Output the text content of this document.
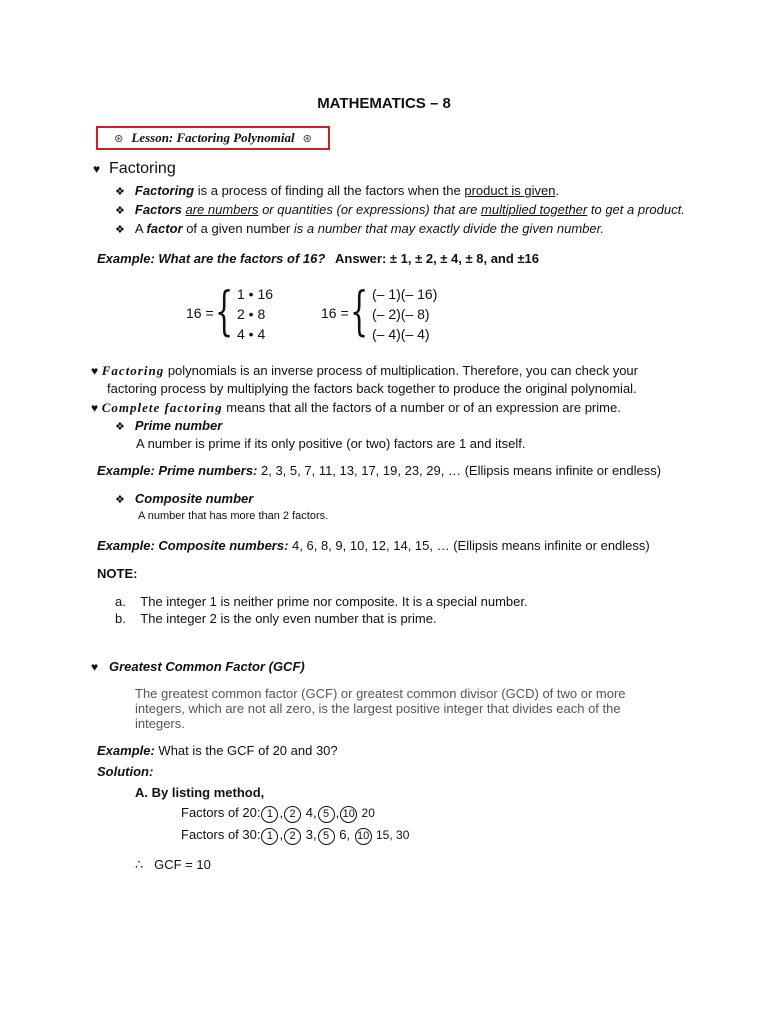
MATHEMATICS – 8
⊛ Lesson: Factoring Polynomial ⊛
♥ Factoring
❖ Factoring is a process of finding all the factors when the product is given.
❖ Factors are numbers or quantities (or expressions) that are multiplied together to get a product.
❖ A factor of a given number is a number that may exactly divide the given number.
Example: What are the factors of 16? Answer: ± 1, ± 2, ± 4, ± 8, and ±16
16 = { 1 • 16
2 • 8
4 • 4
16 = { (– 1)(– 16)
(– 2)(– 8)
(– 4)(– 4)
♥ Factoring polynomials is an inverse process of multiplication. Therefore, you can check your
factoring process by multiplying the factors back together to produce the original polynomial.
♥ Complete factoring means that all the factors of a number or of an expression are prime.
❖ Prime number
A number is prime if its only positive (or two) factors are 1 and itself.
Example: Prime numbers: 2, 3, 5, 7, 11, 13, 17, 19, 23, 29, … (Ellipsis means infinite or endless)
❖ Composite number
A number that has more than 2 factors.
Example: Composite numbers: 4, 6, 8, 9, 10, 12, 14, 15, … (Ellipsis means infinite or endless)
NOTE:
a. The integer 1 is neither prime nor composite. It is a special number.
b. The integer 2 is the only even number that is prime.
♥ Greatest Common Factor (GCF)
The greatest common factor (GCF) or greatest common divisor (GCD) of two or more
integers, which are not all zero, is the largest positive integer that divides each of the
integers.
Example: What is the GCF of 20 and 30?
Solution:
A. By listing method,
Factors of 20: 1 , 2 4, 5 , 10 20
Factors of 30: 1 , 2 3, 5 6, 10 15, 30
∴ GCF = 10
